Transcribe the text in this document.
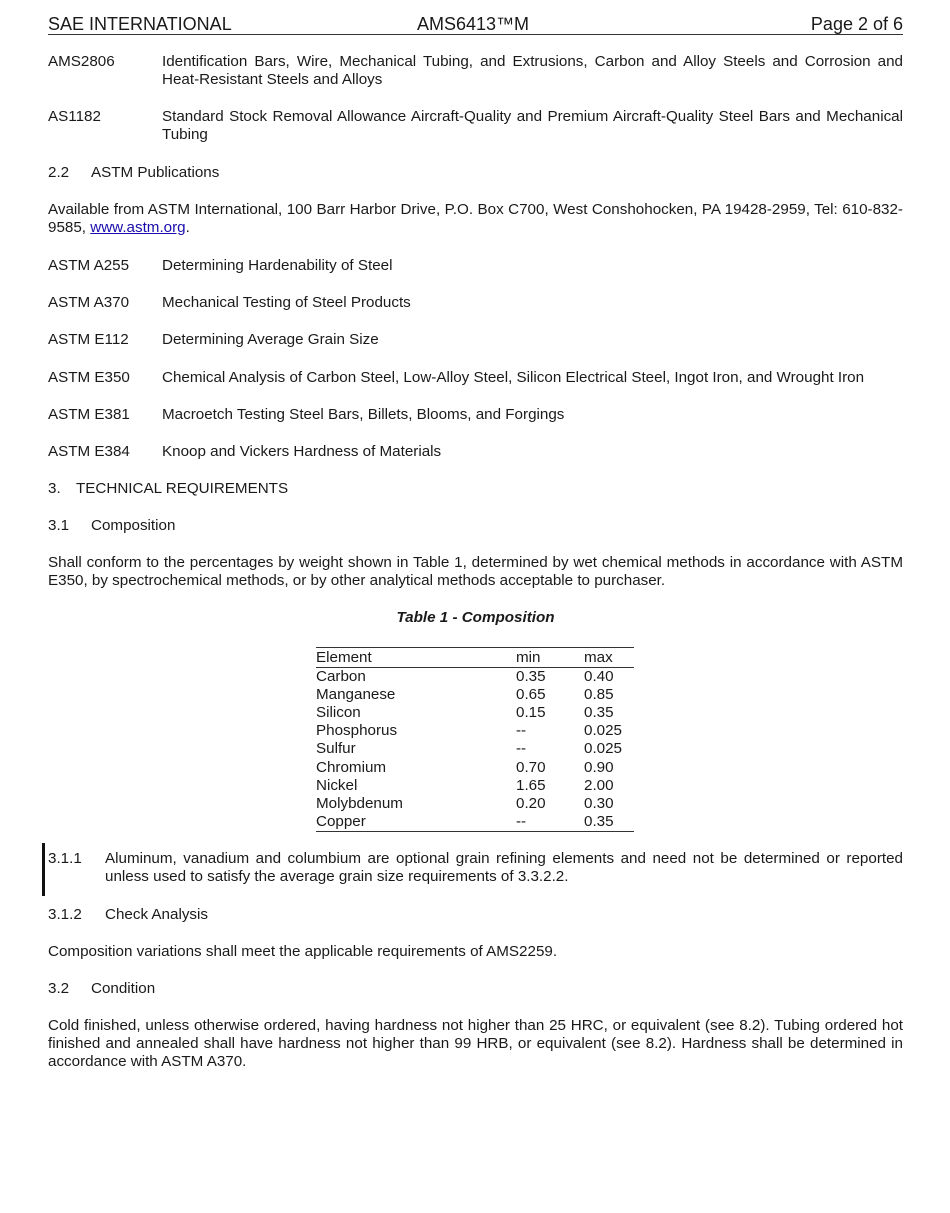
SAE INTERNATIONAL	AMS6413™M	Page 2 of 6
AMS2806	Identification Bars, Wire, Mechanical Tubing, and Extrusions, Carbon and Alloy Steels and Corrosion and Heat-Resistant Steels and Alloys
AS1182	Standard Stock Removal Allowance Aircraft-Quality and Premium Aircraft-Quality Steel Bars and Mechanical Tubing
2.2 ASTM Publications
Available from ASTM International, 100 Barr Harbor Drive, P.O. Box C700, West Conshohocken, PA 19428-2959, Tel: 610-832-9585, www.astm.org.
ASTM A255 Determining Hardenability of Steel
ASTM A370 Mechanical Testing of Steel Products
ASTM E112 Determining Average Grain Size
ASTM E350 Chemical Analysis of Carbon Steel, Low-Alloy Steel, Silicon Electrical Steel, Ingot Iron, and Wrought Iron
ASTM E381 Macroetch Testing Steel Bars, Billets, Blooms, and Forgings
ASTM E384 Knoop and Vickers Hardness of Materials
3. TECHNICAL REQUIREMENTS
3.1 Composition
Shall conform to the percentages by weight shown in Table 1, determined by wet chemical methods in accordance with ASTM E350, by spectrochemical methods, or by other analytical methods acceptable to purchaser.
Table 1 - Composition
Element	min	max
Carbon	0.35	0.40
Manganese	0.65	0.85
Silicon	0.15	0.35
Phosphorus	--	0.025
Sulfur	--	0.025
Chromium	0.70	0.90
Nickel	1.65	2.00
Molybdenum	0.20	0.30
Copper	--	0.35
3.1.1 Aluminum, vanadium and columbium are optional grain refining elements and need not be determined or reported unless used to satisfy the average grain size requirements of 3.3.2.2.
3.1.2 Check Analysis
Composition variations shall meet the applicable requirements of AMS2259.
3.2 Condition
Cold finished, unless otherwise ordered, having hardness not higher than 25 HRC, or equivalent (see 8.2). Tubing ordered hot finished and annealed shall have hardness not higher than 99 HRB, or equivalent (see 8.2). Hardness shall be determined in accordance with ASTM A370.
